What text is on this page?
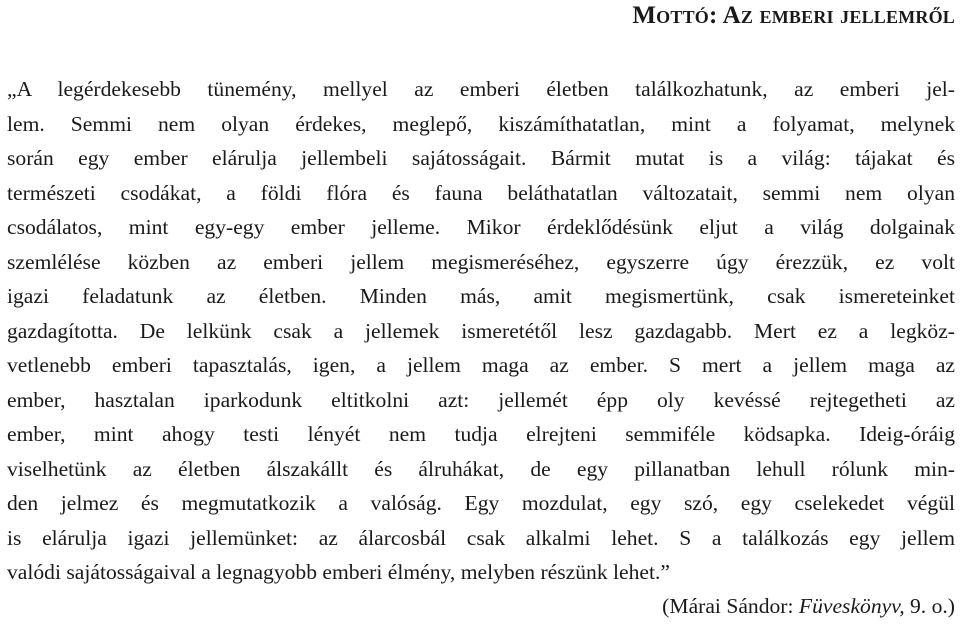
Mottó: Az emberi jellemről
„A legérdekesebb tünemény, mellyel az emberi életben találkozhatunk, az emberi jel-
lem. Semmi nem olyan érdekes, meglepő, kiszámíthatatlan, mint a folyamat, melynek
során egy ember elárulja jellembeli sajátosságait. Bármit mutat is a világ: tájakat és
természeti csodákat, a földi flóra és fauna beláthatatlan változatait, semmi nem olyan
csodálatos, mint egy-egy ember jelleme. Mikor érdeklődésünk eljut a világ dolgainak
szemlélése közben az emberi jellem megismeréséhez, egyszerre úgy érezzük, ez volt
igazi feladatunk az életben. Minden más, amit megismertünk, csak ismereteinket
gazdagította. De lelkünk csak a jellemek ismeretétől lesz gazdagabb. Mert ez a legköz-
vetlenebb emberi tapasztalás, igen, a jellem maga az ember. S mert a jellem maga az
ember, hasztalan iparkodunk eltitkolni azt: jellemét épp oly kevéssé rejtegetheti az
ember, mint ahogy testi lényét nem tudja elrejteni semmiféle ködsapka. Ideig-óráig
viselhetünk az életben álszakállt és álruhákat, de egy pillanatban lehull rólunk min-
den jelmez és megmutatkozik a valóság. Egy mozdulat, egy szó, egy cselekedet végül
is elárulja igazi jellemünket: az álarcosbál csak alkalmi lehet. S a találkozás egy jellem
valódi sajátosságaival a legnagyobb emberi élmény, melyben részünk lehet.”

(Márai Sándor: Füveskönyv, 9. o.)
